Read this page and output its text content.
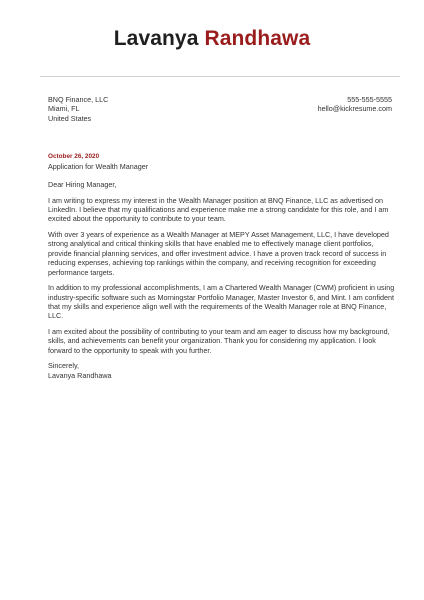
Lavanya Randhawa
BNQ Finance, LLC
Miami, FL
United States
555-555-5555
hello@kickresume.com
October 26, 2020
Application for Wealth Manager

Dear Hiring Manager,

I am writing to express my interest in the Wealth Manager position at BNQ Finance, LLC as advertised on
LinkedIn. I believe that my qualifications and experience make me a strong candidate for this role, and I am
excited about the opportunity to contribute to your team.

With over 3 years of experience as a Wealth Manager at MEPY Asset Management, LLC, I have developed
strong analytical and critical thinking skills that have enabled me to effectively manage client portfolios,
provide financial planning services, and offer investment advice. I have a proven track record of success in
reducing expenses, achieving top rankings within the company, and receiving recognition for exceeding
performance targets.

In addition to my professional accomplishments, I am a Chartered Wealth Manager (CWM) proficient in using
industry-specific software such as Morningstar Portfolio Manager, Master Investor 6, and Mint. I am confident
that my skills and experience align well with the requirements of the Wealth Manager role at BNQ Finance,
LLC.

I am excited about the possibility of contributing to your team and am eager to discuss how my background,
skills, and achievements can benefit your organization. Thank you for considering my application. I look
forward to the opportunity to speak with you further.

Sincerely,
Lavanya Randhawa
